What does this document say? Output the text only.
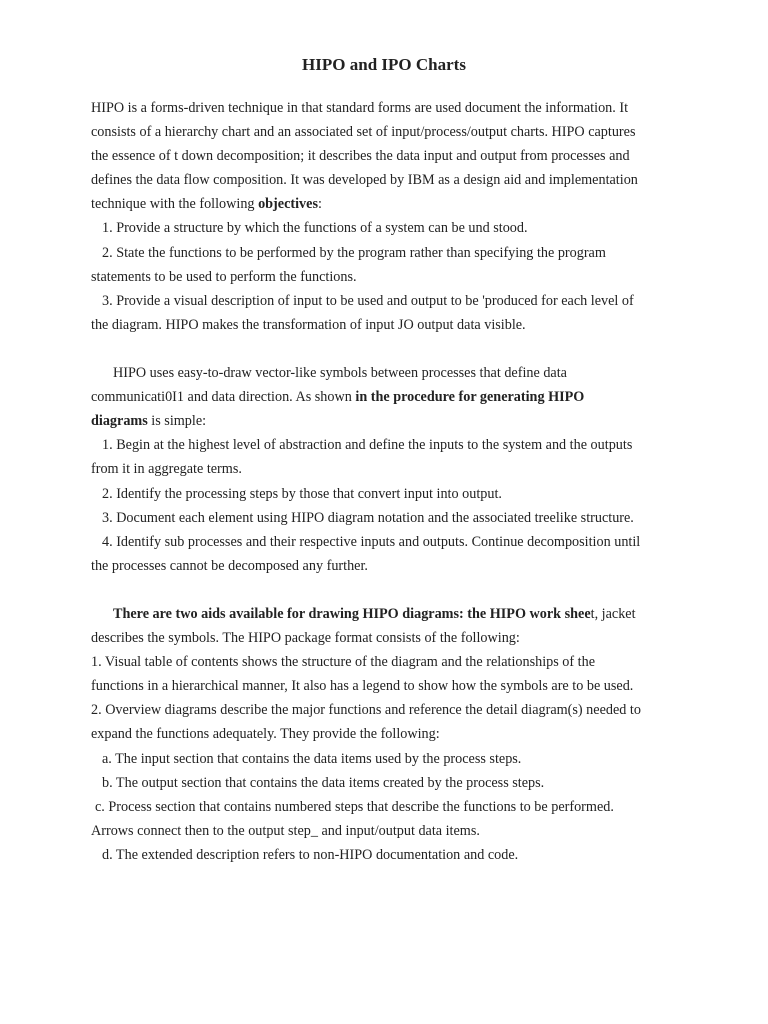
HIPO and IPO Charts
HIPO is a forms-driven technique in that standard forms are used document the information. It
consists of a hierarchy chart and an associated set of input/process/output charts. HIPO captures
the essence of t down decomposition; it describes the data input and output from processes and
defines the data flow composition. It was developed by IBM as a design aid and implementation
technique with the following objectives:
1. Provide a structure by which the functions of a system can be und stood.
2. State the functions to be performed by the program rather than specifying the program
statements to be used to perform the functions.
3. Provide a visual description of input to be used and output to be 'produced for each level of
the diagram. HIPO makes the transformation of input JO output data visible.
HIPO uses easy-to-draw vector-like symbols between processes that define data
communicati0I1 and data direction. As shown in the procedure for generating HIPO
diagrams is simple:
1. Begin at the highest level of abstraction and define the inputs to the system and the outputs
from it in aggregate terms.
2. Identify the processing steps by those that convert input into output.
3. Document each element using HIPO diagram notation and the associated treelike structure.
4. Identify sub processes and their respective inputs and outputs. Continue decomposition until
the processes cannot be decomposed any further.
There are two aids available for drawing HIPO diagrams: the HIPO work sheet, jacket
describes the symbols. The HIPO package format consists of the following:
1. Visual table of contents shows the structure of the diagram and the relationships of the
functions in a hierarchical manner, It also has a legend to show how the symbols are to be used.
2. Overview diagrams describe the major functions and reference the detail diagram(s) needed to
expand the functions adequately. They provide the following:
a. The input section that contains the data items used by the process steps.
b. The output section that contains the data items created by the process steps.
c. Process section that contains numbered steps that describe the functions to be performed.
Arrows connect then to the output step_ and input/output data items.
d. The extended description refers to non-HIPO documentation and code.
